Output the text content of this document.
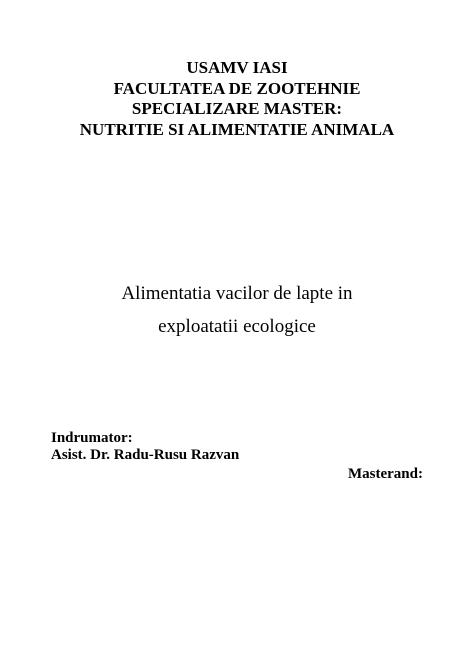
USAMV IASI
FACULTATEA DE ZOOTEHNIE
SPECIALIZARE MASTER:
NUTRITIE SI ALIMENTATIE ANIMALA
Alimentatia vacilor de lapte in
exploatatii ecologice
Indrumator:
Asist. Dr. Radu-Rusu Razvan
Masterand:
